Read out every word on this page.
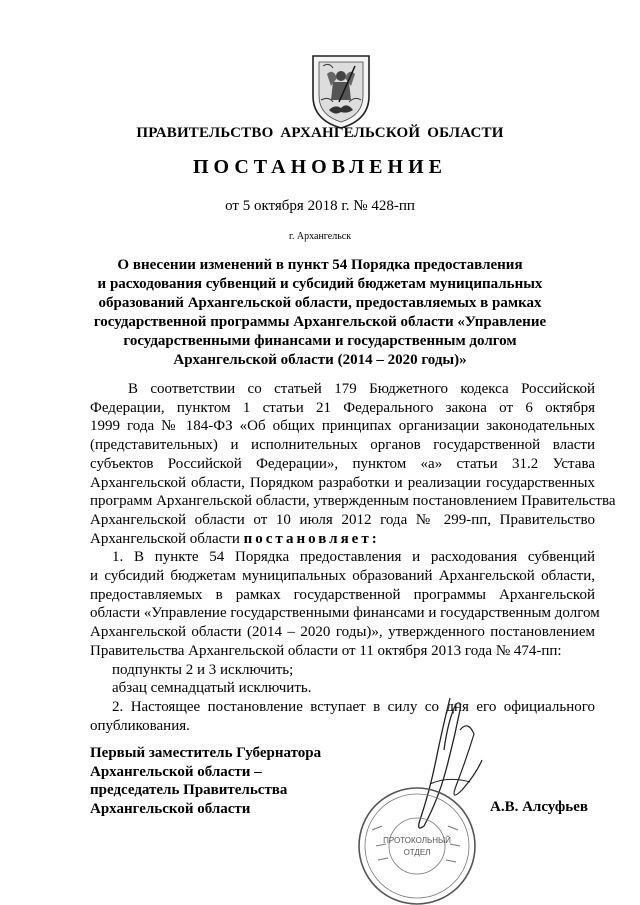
ПРАВИТЕЛЬСТВО АРХАНГЕЛЬСКОЙ ОБЛАСТИ
ПОСТАНОВЛЕНИЕ
от 5 октября 2018 г. № 428-пп
г. Архангельск
О внесении изменений в пункт 54 Порядка предоставления
и расходования субвенций и субсидий бюджетам муниципальных
образований Архангельской области, предоставляемых в рамках
государственной программы Архангельской области «Управление
государственными финансами и государственным долгом
Архангельской области (2014 – 2020 годы)»
В соответствии со статьей 179 Бюджетного кодекса Российской
Федерации, пунктом 1 статьи 21 Федерального закона от 6 октября
1999 года № 184-ФЗ «Об общих принципах организации законодательных
(представительных) и исполнительных органов государственной власти
субъектов Российской Федерации», пунктом «а» статьи 31.2 Устава
Архангельской области, Порядком разработки и реализации государственных
программ Архангельской области, утвержденным постановлением Правительства
Архангельской области от 10 июля 2012 года № 299-пп, Правительство
Архангельской области постановляет:
1. В пункте 54 Порядка предоставления и расходования субвенций
и субсидий бюджетам муниципальных образований Архангельской области,
предоставляемых в рамках государственной программы Архангельской
области «Управление государственными финансами и государственным долгом
Архангельской области (2014 – 2020 годы)», утвержденного постановлением
Правительства Архангельской области от 11 октября 2013 года № 474-пп:
подпункты 2 и 3 исключить;
абзац семнадцатый исключить.
2. Настоящее постановление вступает в силу со дня его официального
опубликования.
ПРОТОКОЛЬНЫЙ
ОТДЕЛ
Первый заместитель Губернатора
Архангельской области –
председатель Правительства
Архангельской области	А.В. Алсуфьев
